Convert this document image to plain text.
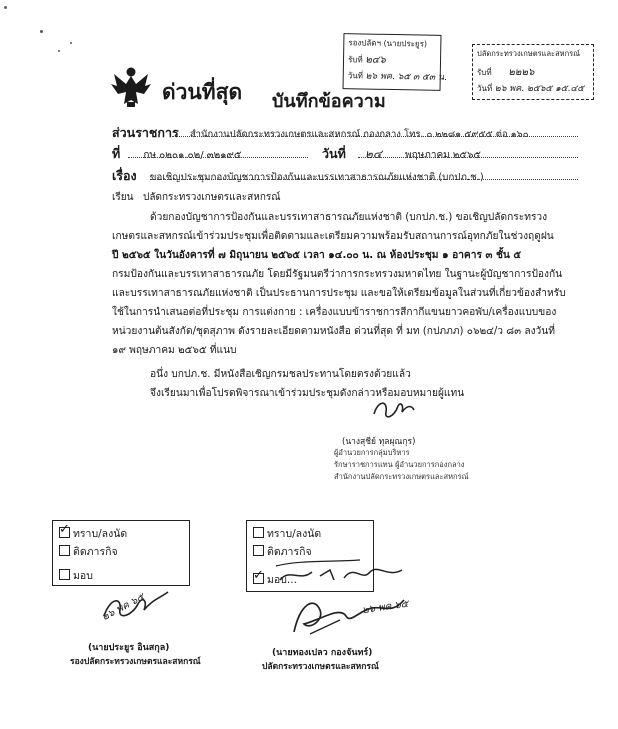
ด่วนที่สุด บันทึกข้อความ
รองปลัดฯ (นายประยูร)
รับที่ ๒๔๖
วันที่ ๒๖ พค. ๖๕ ๓ ๕๓ น.
ปลัดกระทรวงเกษตรและสหกรณ์
รับที่ ๒๒๒๖
วันที่ ๒๖ พค. ๒๕๖๕ ๑๕.๔๕
ส่วนราชการ สำนักงานปลัดกระทรวงเกษตรและสหกรณ์ กองกลาง โทร. ๐ ๒๒๘๑ ๕๙๕๕ ต่อ ๑๖๐
ที่ กษ ๐๒๐๑.๐๒/ ๓๒๑๙๕	วันที่ ๒๔ พฤษภาคม ๒๕๖๕
เรื่อง ขอเชิญประชุมกองบัญชาการป้องกันและบรรเทาสาธารณภัยแห่งชาติ (บกปภ.ช.)
เรียน   ปลัดกระทรวงเกษตรและสหกรณ์

ด้วยกองบัญชาการป้องกันและบรรเทาสาธารณภัยแห่งชาติ (บกปภ.ช.) ขอเชิญปลัดกระทรวง

เกษตรและสหกรณ์เข้าร่วมประชุมเพื่อติดตามและเตรียมความพร้อมรับสถานการณ์อุทกภัยในช่วงฤดูฝน

ปี ๒๕๖๕ ในวันอังคารที่ ๗ มิถุนายน ๒๕๖๕ เวลา ๑๔.๐๐ น. ณ ห้องประชุม ๑ อาคาร ๓ ชั้น ๕

กรมป้องกันและบรรเทาสาธารณภัย โดยมีรัฐมนตรีว่าการกระทรวงมหาดไทย ในฐานะผู้บัญชาการป้องกัน

และบรรเทาสาธารณภัยแห่งชาติ เป็นประธานการประชุม และขอให้เตรียมข้อมูลในส่วนที่เกี่ยวข้องสำหรับ

ใช้ในการนำเสนอต่อที่ประชุม การแต่งกาย : เครื่องแบบข้าราชการสีกากีแขนยาวคอพับ/เครื่องแบบของ

หน่วยงานต้นสังกัด/ชุดสุภาพ ดังรายละเอียดตามหนังสือ ด่วนที่สุด ที่ มท (กปภภภ) ๐๖๒๔/ว ๘๓ ลงวันที่

๑๙ พฤษภาคม ๒๕๖๕ ที่แนบ

อนึ่ง บกปภ.ช. มีหนังสือเชิญกรมชลประทานโดยตรงด้วยแล้ว

จึงเรียนมาเพื่อโปรดพิจารณาเข้าร่วมประชุมดังกล่าวหรือมอบหมายผู้แทน

(นางสุชีย์ ทุลผุณกุร)
ผู้อำนวยการกลุ่มบริหาร
รักษาราชการแทน ผู้อำนวยการกองกลาง
สำนักงานปลัดกระทรวงเกษตรและสหกรณ์
✓ทราบ/ลงนัด
ติดภารกิจ
มอบ
ทราบ/ลงนัด
ติดภารกิจ
✓มอบ...
๒๖ พค ๖๕
(นายประยูร อินสกุล)
รองปลัดกระทรวงเกษตรและสหกรณ์
๒๖ พค ๖๕
(นายทองเปลว กองจันทร์)
ปลัดกระทรวงเกษตรและสหกรณ์
